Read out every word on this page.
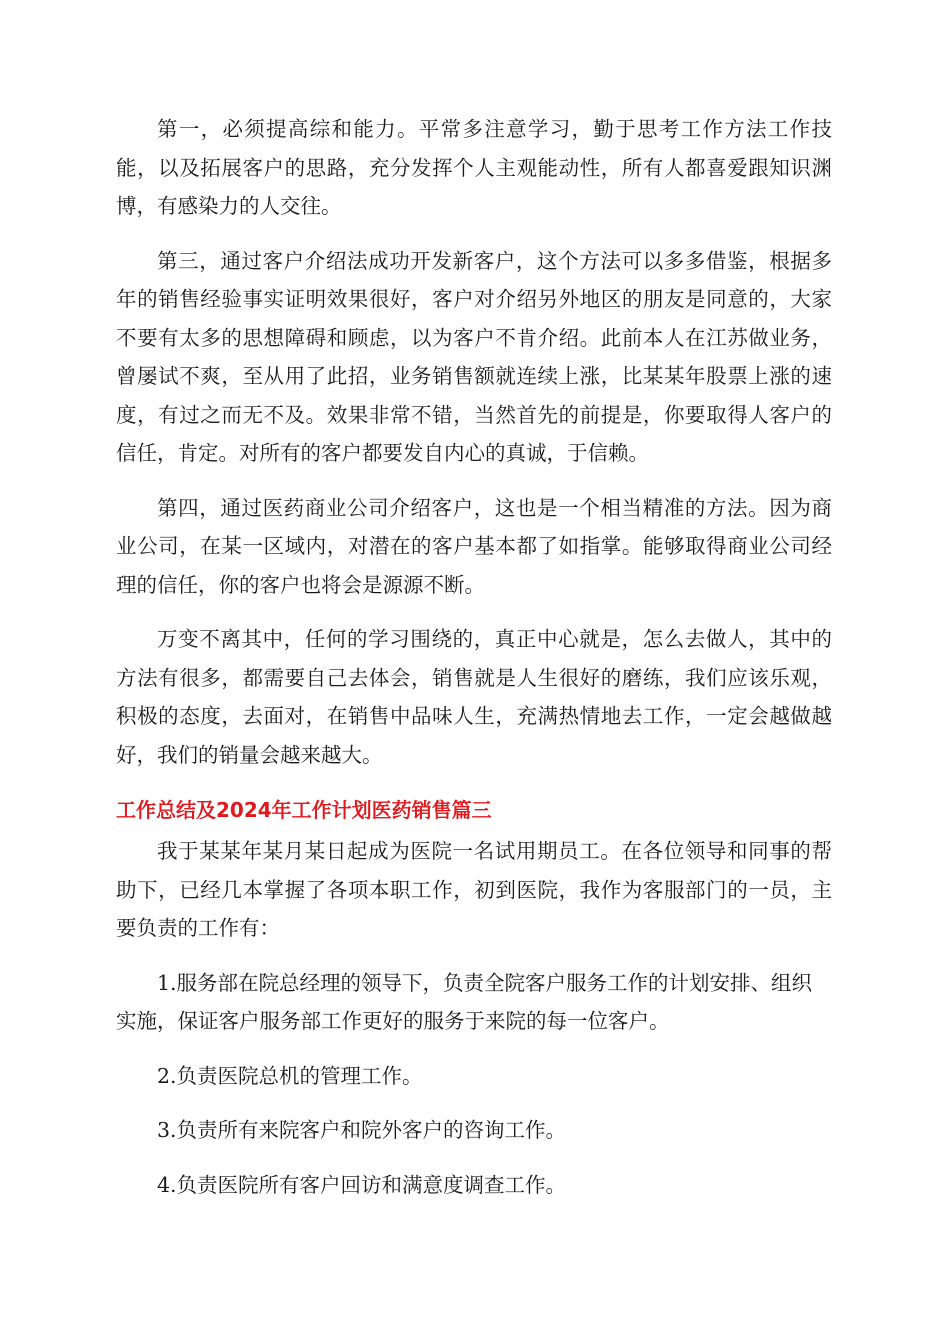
第一，必须提高综和能力。平常多注意学习，勤于思考工作方法工作技能，以及拓展客户的思路，充分发挥个人主观能动性，所有人都喜爱跟知识渊博，有感染力的人交往。

第三，通过客户介绍法成功开发新客户，这个方法可以多多借鉴，根据多年的销售经验事实证明效果很好，客户对介绍另外地区的朋友是同意的，大家不要有太多的思想障碍和顾虑，以为客户不肯介绍。此前本人在江苏做业务，曾屡试不爽，至从用了此招，业务销售额就连续上涨，比某某年股票上涨的速度，有过之而无不及。效果非常不错，当然首先的前提是，你要取得人客户的信任，肯定。对所有的客户都要发自内心的真诚，于信赖。

第四，通过医药商业公司介绍客户，这也是一个相当精准的方法。因为商业公司，在某一区域内，对潜在的客户基本都了如指掌。能够取得商业公司经理的信任，你的客户也将会是源源不断。

万变不离其中，任何的学习围绕的，真正中心就是，怎么去做人，其中的方法有很多，都需要自己去体会，销售就是人生很好的磨练，我们应该乐观，积极的态度，去面对，在销售中品味人生，充满热情地去工作，一定会越做越好，我们的销量会越来越大。

工作总结及2024年工作计划医药销售篇三

我于某某年某月某日起成为医院一名试用期员工。在各位领导和同事的帮助下，已经几本掌握了各项本职工作，初到医院，我作为客服部门的一员，主要负责的工作有：

1.服务部在院总经理的领导下，负责全院客户服务工作的计划安排、组织实施，保证客户服务部工作更好的服务于来院的每一位客户。

2.负责医院总机的管理工作。

3.负责所有来院客户和院外客户的咨询工作。

4.负责医院所有客户回访和满意度调查工作。
